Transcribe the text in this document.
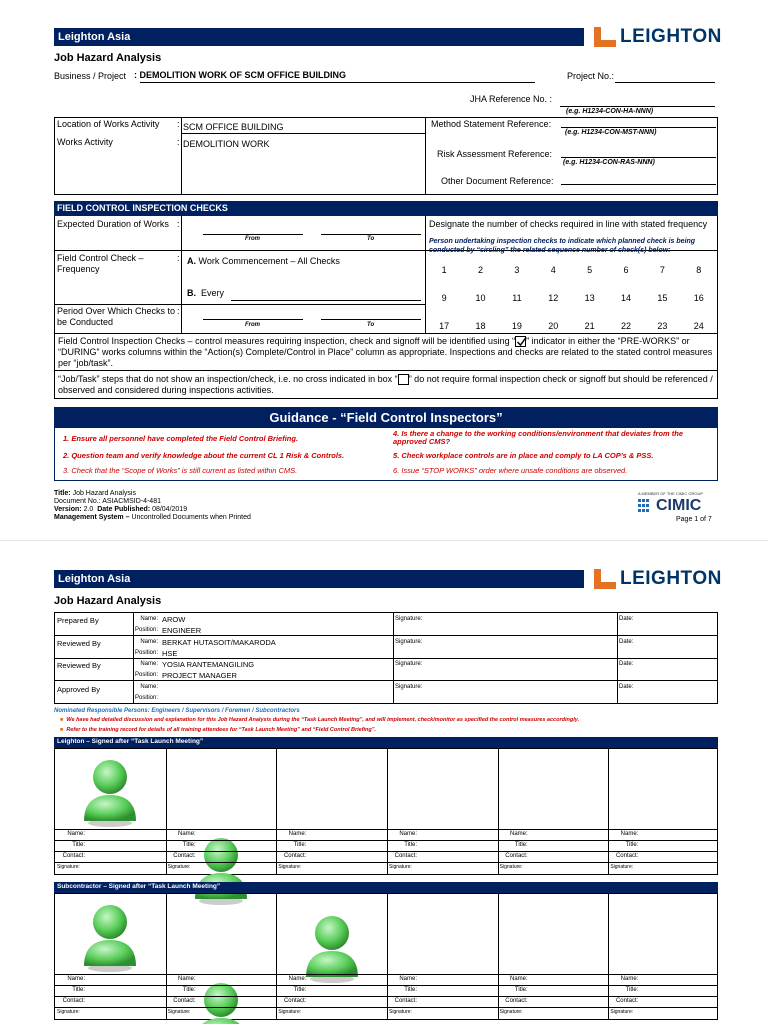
Leighton Asia	LEIGHTON
Job Hazard Analysis
Business / Project : DEMOLITION WORK OF SCM OFFICE BUILDING	Project No.:
JHA Reference No. :
(e.g. H1234-CON-HA-NNN)
Location of Works Activity : SCM OFFICE BUILDING
Works Activity	: DEMOLITION WORK
Method Statement Reference:
(e.g. H1234-CON-MST-NNN)
Risk Assessment Reference:
(e.g. H1234-CON-RAS-NNN)
Other Document Reference:
FIELD CONTROL INSPECTION CHECKS
Expected Duration of Works :
From	To
Designate the number of checks required in line with stated frequency
Person undertaking inspection checks to indicate which planned check is being conducted by “circling” the related sequence number of check(s) below:
Field Control Check – Frequency
: A. Work Commencement – All Checks
B. Every
Period Over Which Checks to be Conducted
:
From	To
1	2	3	4	5	6	7	8
9	10	11	12	13	14	15	16
17	18	19	20	21	22	23	24
Field Control Inspection Checks – control measures requiring inspection, check and signoff will be identified using “ ” indicator in either the “PRE-WORKS” or “DURING” works columns within the “Action(s) Complete/Control in Place” column as appropriate. Inspections and checks are related to the stated control measures per “job/task”.
“Job/Task” steps that do not show an inspection/check, i.e. no cross indicated in box “ ” do not require formal inspection check or signoff but should be referenced / observed and considered during inspections activities.
Guidance - “Field Control Inspectors”
1. Ensure all personnel have completed the Field Control Briefing.
2. Question team and verify knowledge about the current CL 1 Risk & Controls.
3. Check that the “Scope of Works” is still current as listed within CMS.
4. Is there a change to the working conditions/environment that deviates from the approved CMS?
5. Check workplace controls are in place and comply to LA COP’s & PSS.
6. Issue “STOP WORKS” order where unsafe conditions are observed.
Title: Job Hazard Analysis
Document No.: ASIACMSID-4-481
Version: 2.0 Date Published: 08/04/2019
Management System – Uncontrolled Documents when Printed
A MEMBER OF THE CIMIC GROUP
CIMIC
Page 1 of 7
Leighton Asia	LEIGHTON
Job Hazard Analysis
Prepared By	Name: AROW
Position: ENGINEER
Signature:	Date:
Reviewed By	Name: BERKAT HUTASOIT/MAKARODA
Position: HSE
Signature:	Date:
Reviewed By	Name: YOSIA RANTEMANGILING
Position: PROJECT MANAGER
Signature:	Date:
Approved By	Name:
Position:
Signature:	Date:
Nominated Responsible Persons: Engineers / Supervisors / Foremen / Subcontractors
■ We have had detailed discussion and explanation for this Job Hazard Analysis during the “Task Launch Meeting”, and will implement, check/monitor as specified the control measures accordingly.
■ Refer to the training record for details of all training attendees for “Task Launch Meeting” and “Field Control Briefing”.
Leighton – Signed after “Task Launch Meeting”
Name:
Title:
Contact:
Signature:
Name:
Title:
Contact:
Signature:
Name:
Title:
Contact:
Signature:
Name:
Title:
Contact:
Signature:
Name:
Title:
Contact:
Signature:
Name:
Title:
Contact:
Signature:
Subcontractor – Signed after “Task Launch Meeting”
Name:
Title:
Contact:
Signature:
Name:
Title:
Contact:
Signature:
Name:
Title:
Contact:
Signature:
Name:
Title:
Contact:
Signature:
Name:
Title:
Contact:
Signature:
Name:
Title:
Contact:
Signature:
